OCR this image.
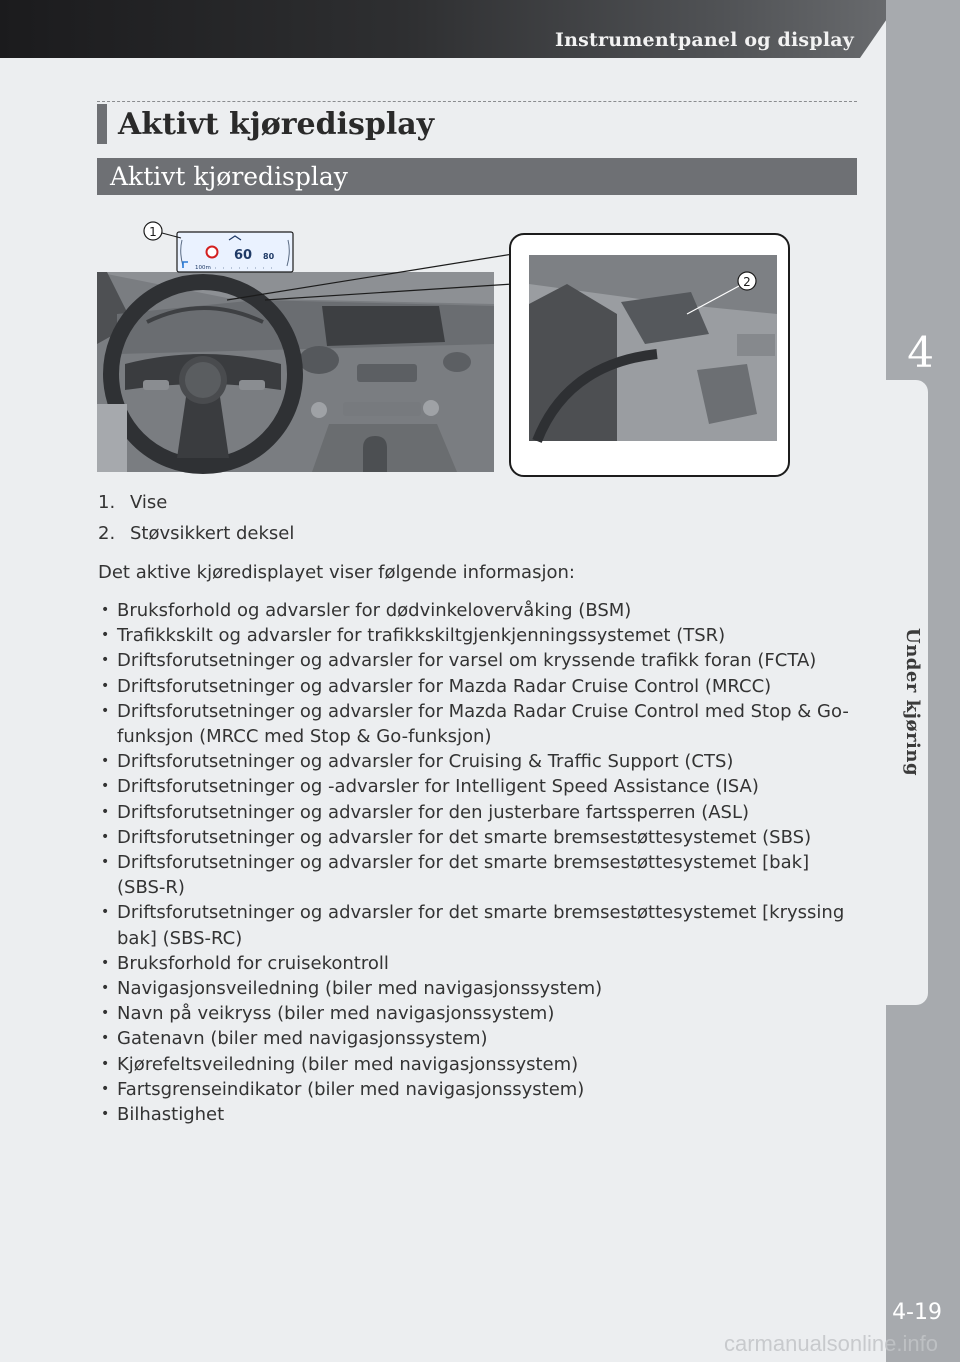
Instrumentpanel og display
4
Under kjøring
4-19
carmanualsonline.info
Aktivt kjøredisplay
Aktivt kjøredisplay
60 80
100m
1
2
1. Vise
2. Støvsikkert deksel
Det aktive kjøredisplayet viser følgende informasjon:
• Bruksforhold og advarsler for dødvinkelovervåking (BSM)
• Trafikkskilt og advarsler for trafikkskiltgjenkjenningssystemet (TSR)
• Driftsforutsetninger og advarsler for varsel om kryssende trafikk foran (FCTA)
• Driftsforutsetninger og advarsler for Mazda Radar Cruise Control (MRCC)
• Driftsforutsetninger og advarsler for Mazda Radar Cruise Control med Stop & Go-funksjon (MRCC med Stop & Go-funksjon)
• Driftsforutsetninger og advarsler for Cruising & Traffic Support (CTS)
• Driftsforutsetninger og -advarsler for Intelligent Speed Assistance (ISA)
• Driftsforutsetninger og advarsler for den justerbare fartssperren (ASL)
• Driftsforutsetninger og advarsler for det smarte bremsestøttesystemet (SBS)
• Driftsforutsetninger og advarsler for det smarte bremsestøttesystemet [bak] (SBS-R)
• Driftsforutsetninger og advarsler for det smarte bremsestøttesystemet [kryssing bak] (SBS-RC)
• Bruksforhold for cruisekontroll
• Navigasjonsveiledning (biler med navigasjonssystem)
• Navn på veikryss (biler med navigasjonssystem)
• Gatenavn (biler med navigasjonssystem)
• Kjørefeltsveiledning (biler med navigasjonssystem)
• Fartsgrenseindikator (biler med navigasjonssystem)
• Bilhastighet
